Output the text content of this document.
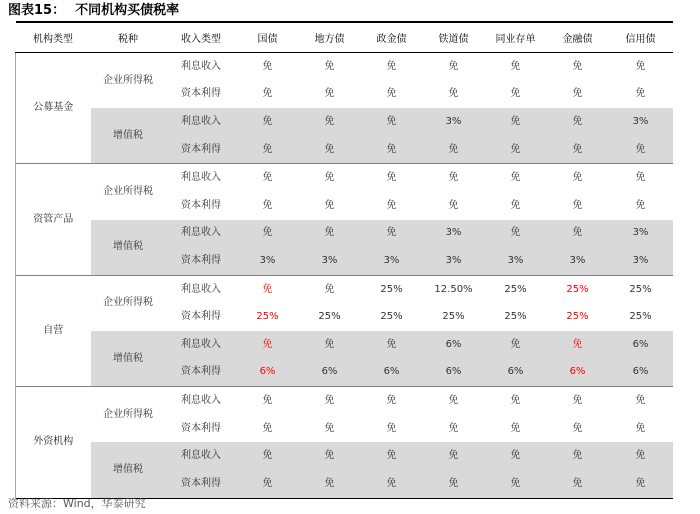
图表15： 不同机构买债税率
机构类型	税种	收入类型	国债	地方债	政金债	铁道债	同业存单	金融债	信用债
公募基金	企业所得税	利息收入	免	免	免	免	免	免	免
		资本利得	免	免	免	免	免	免	免
	增值税	利息收入	免	免	免	3%	免	免	3%
		资本利得	免	免	免	免	免	免	免
资管产品	企业所得税	利息收入	免	免	免	免	免	免	免
		资本利得	免	免	免	免	免	免	免
	增值税	利息收入	免	免	免	3%	免	免	3%
		资本利得	3%	3%	3%	3%	3%	3%	3%
自营	企业所得税	利息收入	免	免	25%	12.50%	25%	25%	25%
		资本利得	25%	25%	25%	25%	25%	25%	25%
	增值税	利息收入	免	免	免	6%	免	免	6%
		资本利得	6%	6%	6%	6%	6%	6%	6%
外资机构	企业所得税	利息收入	免	免	免	免	免	免	免
		资本利得	免	免	免	免	免	免	免
	增值税	利息收入	免	免	免	免	免	免	免
		资本利得	免	免	免	免	免	免	免
资料来源：Wind，华泰研究
